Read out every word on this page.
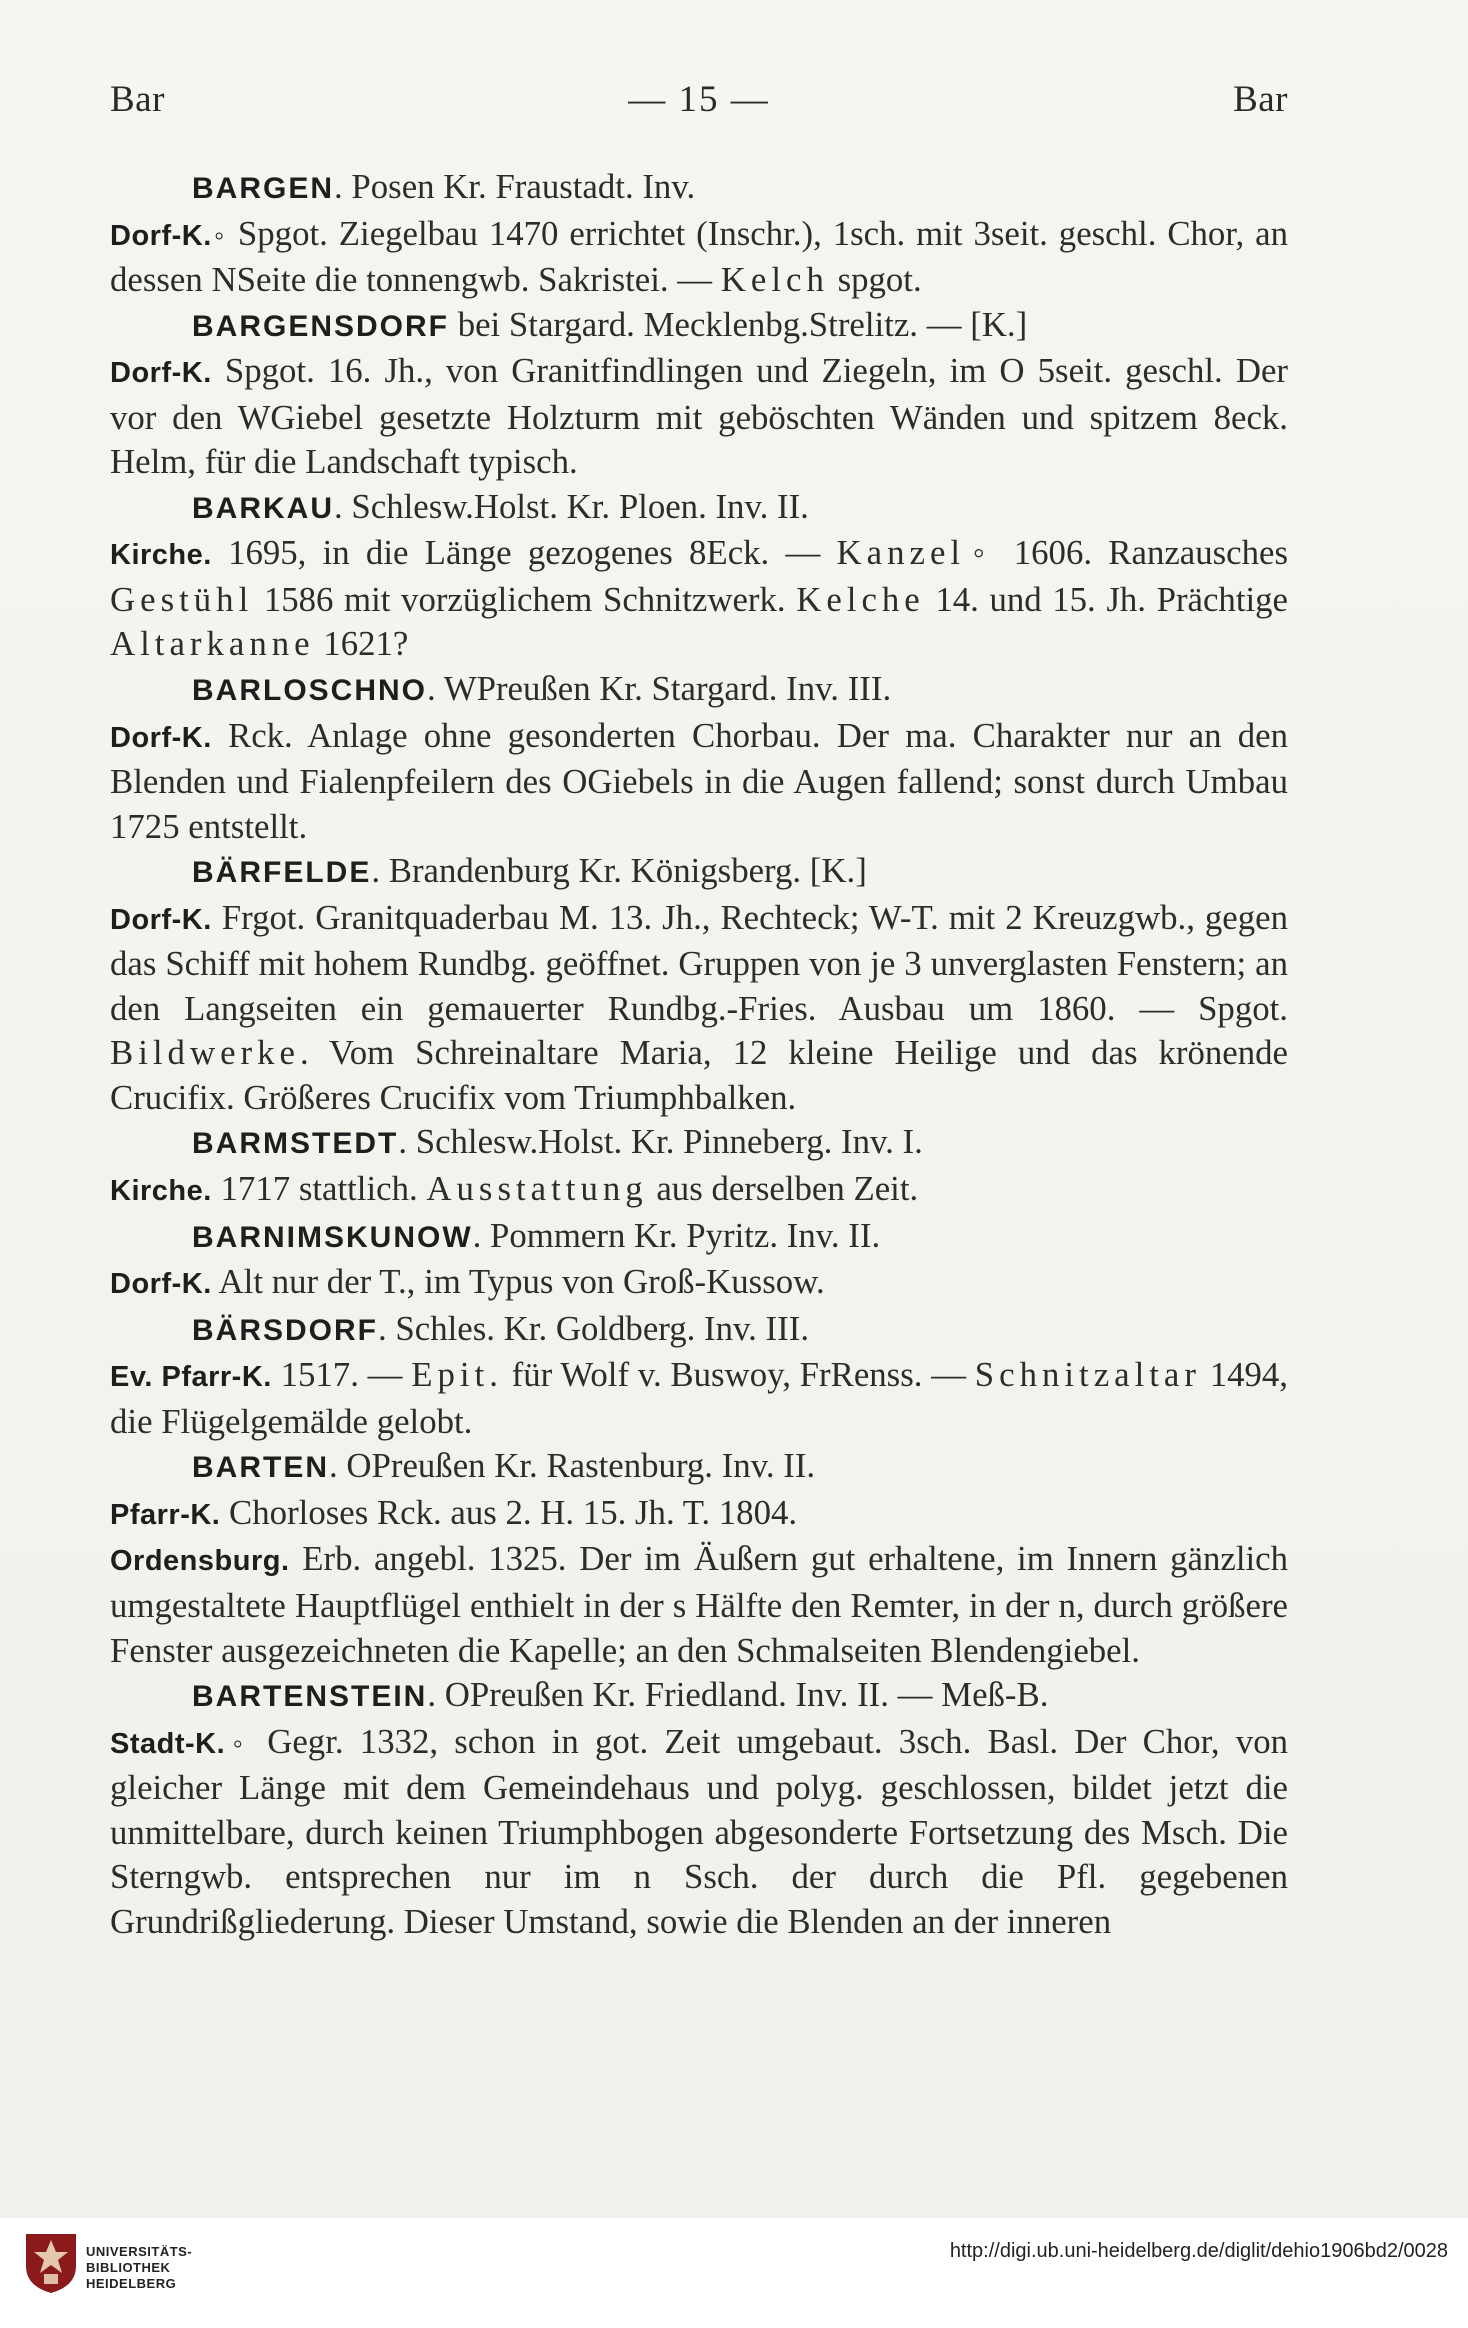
Bar	— 15 —	Bar

BARGEN. Posen Kr. Fraustadt. Inv.

Dorf-K.◦ Spgot. Ziegelbau 1470 errichtet (Inschr.), 1sch. mit 3seit. geschl. Chor, an dessen NSeite die tonnengwb. Sakristei. — Kelch spgot.

BARGENSDORF bei Stargard. Mecklenbg.Strelitz. — [K.]

Dorf-K. Spgot. 16. Jh., von Granitfindlingen und Ziegeln, im O 5seit. geschl. Der vor den WGiebel gesetzte Holzturm mit geböschten Wänden und spitzem 8eck. Helm, für die Landschaft typisch.

BARKAU. Schlesw.Holst. Kr. Ploen. Inv. II.

Kirche. 1695, in die Länge gezogenes 8Eck. — Kanzel◦ 1606. Ranzausches Gestühl 1586 mit vorzüglichem Schnitzwerk. Kelche 14. und 15. Jh. Prächtige Altarkanne 1621?

BARLOSCHNO. WPreußen Kr. Stargard. Inv. III.

Dorf-K. Rck. Anlage ohne gesonderten Chorbau. Der ma. Charakter nur an den Blenden und Fialenpfeilern des OGiebels in die Augen fallend; sonst durch Umbau 1725 entstellt.

BÄRFELDE. Brandenburg Kr. Königsberg. [K.]

Dorf-K. Frgot. Granitquaderbau M. 13. Jh., Rechteck; W-T. mit 2 Kreuzgwb., gegen das Schiff mit hohem Rundbg. geöffnet. Gruppen von je 3 unverglasten Fenstern; an den Langseiten ein gemauerter Rundbg.-Fries. Ausbau um 1860. — Spgot. Bildwerke. Vom Schreinaltare Maria, 12 kleine Heilige und das krönende Crucifix. Größeres Crucifix vom Triumphbalken.

BARMSTEDT. Schlesw.Holst. Kr. Pinneberg. Inv. I.

Kirche. 1717 stattlich. Ausstattung aus derselben Zeit.

BARNIMSKUNOW. Pommern Kr. Pyritz. Inv. II.

Dorf-K. Alt nur der T., im Typus von Groß-Kussow.

BÄRSDORF. Schles. Kr. Goldberg. Inv. III.

Ev. Pfarr-K. 1517. — Epit. für Wolf v. Buswoy, FrRenss. — Schnitzaltar 1494, die Flügelgemälde gelobt.

BARTEN. OPreußen Kr. Rastenburg. Inv. II.

Pfarr-K. Chorloses Rck. aus 2. H. 15. Jh. T. 1804.

Ordensburg. Erb. angebl. 1325. Der im Äußern gut erhaltene, im Innern gänzlich umgestaltete Hauptflügel enthielt in der s Hälfte den Remter, in der n, durch größere Fenster ausgezeichneten die Kapelle; an den Schmalseiten Blendengiebel.

BARTENSTEIN. OPreußen Kr. Friedland. Inv. II. — Meß-B.

Stadt-K.◦ Gegr. 1332, schon in got. Zeit umgebaut. 3sch. Basl. Der Chor, von gleicher Länge mit dem Gemeindehaus und polyg. geschlossen, bildet jetzt die unmittelbare, durch keinen Triumphbogen abgesonderte Fortsetzung des Msch. Die Sterngwb. entsprechen nur im n Ssch. der durch die Pfl. gegebenen Grundrißgliederung. Dieser Umstand, sowie die Blenden an der inneren

UNIVERSITÄTS-
BIBLIOTHEK
HEIDELBERG
http://digi.ub.uni-heidelberg.de/diglit/dehio1906bd2/0028
